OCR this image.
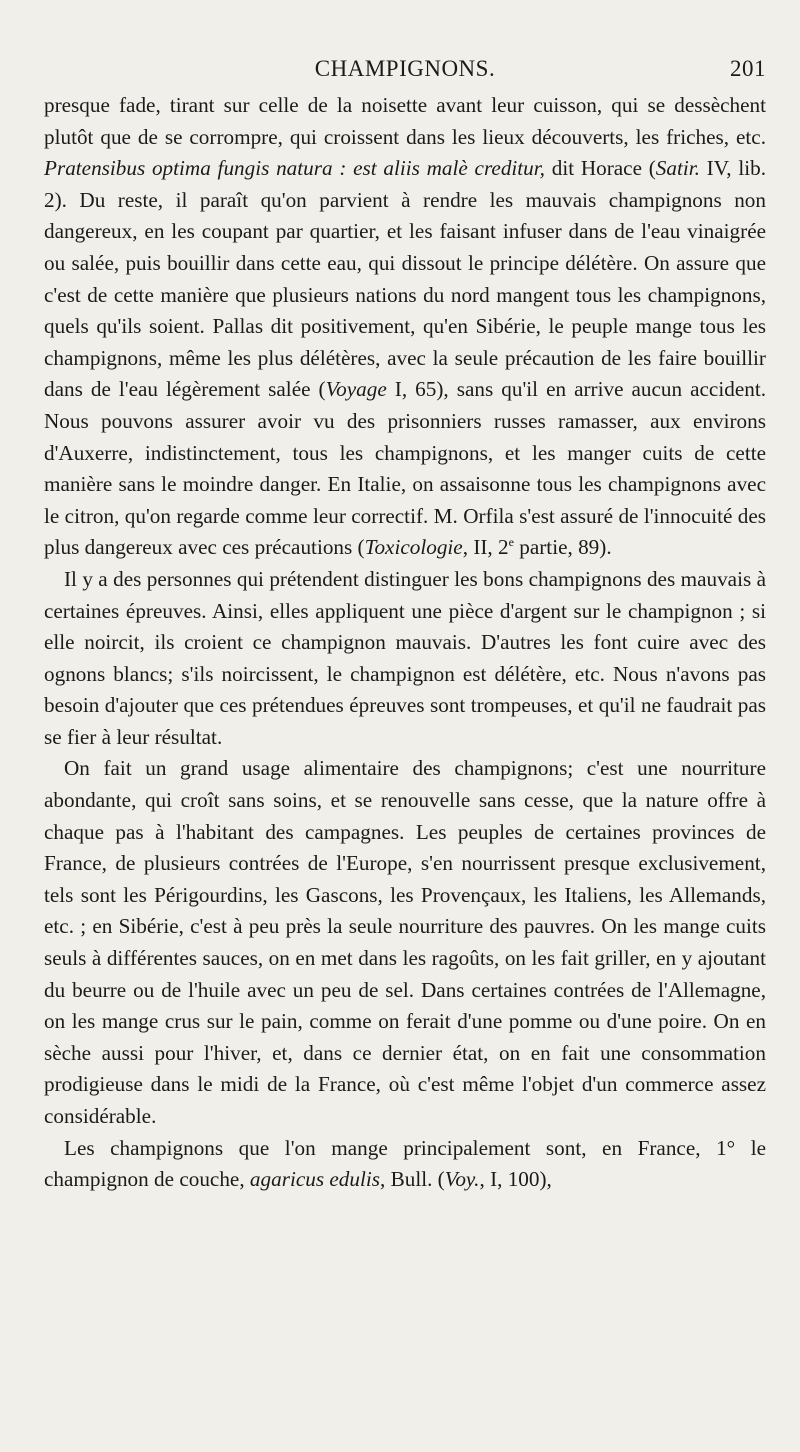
CHAMPIGNONS.	201

presque fade, tirant sur celle de la noisette avant leur cuisson, qui se dessèchent plutôt que de se corrompre, qui croissent dans les lieux découverts, les friches, etc. Pratensibus optima fungis natura : est aliis malè creditur, dit Horace (Satir. IV, lib. 2). Du reste, il paraît qu'on parvient à rendre les mauvais champignons non dangereux, en les coupant par quartier, et les faisant infuser dans de l'eau vinaigrée ou salée, puis bouillir dans cette eau, qui dissout le principe délétère. On assure que c'est de cette manière que plusieurs nations du nord mangent tous les champignons, quels qu'ils soient. Pallas dit positivement, qu'en Sibérie, le peuple mange tous les champignons, même les plus délétères, avec la seule précaution de les faire bouillir dans de l'eau légèrement salée (Voyage I, 65), sans qu'il en arrive aucun accident. Nous pouvons assurer avoir vu des prisonniers russes ramasser, aux environs d'Auxerre, indistinctement, tous les champignons, et les manger cuits de cette manière sans le moindre danger. En Italie, on assaisonne tous les champignons avec le citron, qu'on regarde comme leur correctif. M. Orfila s'est assuré de l'innocuité des plus dangereux avec ces précautions (Toxicologie, II, 2e partie, 89).

Il y a des personnes qui prétendent distinguer les bons champignons des mauvais à certaines épreuves. Ainsi, elles appliquent une pièce d'argent sur le champignon ; si elle noircit, ils croient ce champignon mauvais. D'autres les font cuire avec des ognons blancs; s'ils noircissent, le champignon est délétère, etc. Nous n'avons pas besoin d'ajouter que ces prétendues épreuves sont trompeuses, et qu'il ne faudrait pas se fier à leur résultat.

On fait un grand usage alimentaire des champignons; c'est une nourriture abondante, qui croît sans soins, et se renouvelle sans cesse, que la nature offre à chaque pas à l'habitant des campagnes. Les peuples de certaines provinces de France, de plusieurs contrées de l'Europe, s'en nourrissent presque exclusivement, tels sont les Périgourdins, les Gascons, les Provençaux, les Italiens, les Allemands, etc. ; en Sibérie, c'est à peu près la seule nourriture des pauvres. On les mange cuits seuls à différentes sauces, on en met dans les ragoûts, on les fait griller, en y ajoutant du beurre ou de l'huile avec un peu de sel. Dans certaines contrées de l'Allemagne, on les mange crus sur le pain, comme on ferait d'une pomme ou d'une poire. On en sèche aussi pour l'hiver, et, dans ce dernier état, on en fait une consommation prodigieuse dans le midi de la France, où c'est même l'objet d'un commerce assez considérable.

Les champignons que l'on mange principalement sont, en France, 1° le champignon de couche, agaricus edulis, Bull. (Voy., I, 100),
